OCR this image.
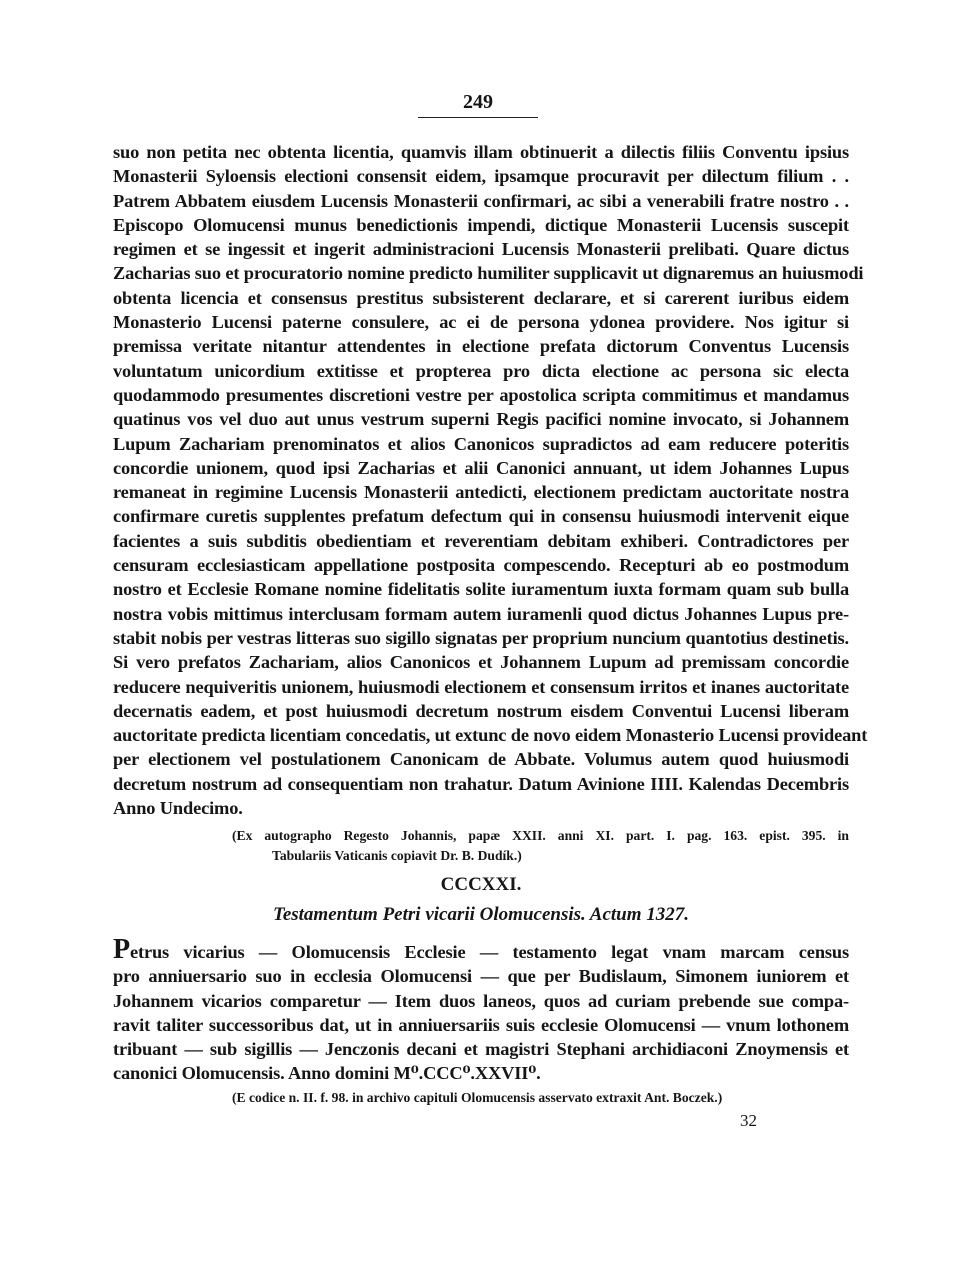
249
suo non petita nec obtenta licentia, quamvis illam obtinuerit a dilectis filiis Conventu ipsius
Monasterii Syloensis electioni consensit eidem, ipsamque procuravit per dilectum filium . .
Patrem Abbatem eiusdem Lucensis Monasterii confirmari, ac sibi a venerabili fratre nostro . .
Episcopo Olomucensi munus benedictionis impendi, dictique Monasterii Lucensis suscepit
regimen et se ingessit et ingerit administracioni Lucensis Monasterii prelibati. Quare dictus
Zacharias suo et procuratorio nomine predicto humiliter supplicavit ut dignaremus an huiusmodi
obtenta licencia et consensus prestitus subsisterent declarare, et si carerent iuribus eidem
Monasterio Lucensi paterne consulere, ac ei de persona ydonea providere. Nos igitur si
premissa veritate nitantur attendentes in electione prefata dictorum Conventus Lucensis
voluntatum unicordium extitisse et propterea pro dicta electione ac persona sic electa
quodammodo presumentes discretioni vestre per apostolica scripta commitimus et mandamus
quatinus vos vel duo aut unus vestrum superni Regis pacifici nomine invocato, si Johannem
Lupum Zachariam prenominatos et alios Canonicos supradictos ad eam reducere poteritis
concordie unionem, quod ipsi Zacharias et alii Canonici annuant, ut idem Johannes Lupus
remaneat in regimine Lucensis Monasterii antedicti, electionem predictam auctoritate nostra
confirmare curetis supplentes prefatum defectum qui in consensu huiusmodi intervenit eique
facientes a suis subditis obedientiam et reverentiam debitam exhiberi. Contradictores per
censuram ecclesiasticam appellatione postposita compescendo. Recepturi ab eo postmodum
nostro et Ecclesie Romane nomine fidelitatis solite iuramentum iuxta formam quam sub bulla
nostra vobis mittimus interclusam formam autem iuramenli quod dictus Johannes Lupus pre-
stabit nobis per vestras litteras suo sigillo signatas per proprium nuncium quantotius destinetis.
Si vero prefatos Zachariam, alios Canonicos et Johannem Lupum ad premissam concordie
reducere nequiveritis unionem, huiusmodi electionem et consensum irritos et inanes auctoritate
decernatis eadem, et post huiusmodi decretum nostrum eisdem Conventui Lucensi liberam
auctoritate predicta licentiam concedatis, ut extunc de novo eidem Monasterio Lucensi provideant
per electionem vel postulationem Canonicam de Abbate. Volumus autem quod huiusmodi
decretum nostrum ad consequentiam non trahatur. Datum Avinione IIII. Kalendas Decembris
Anno Undecimo.
(Ex autographo Regesto Johannis, papæ XXII. anni XI. part. I. pag. 163. epist. 395. in
Tabulariis Vaticanis copiavit Dr. B. Dudík.)
CCCXXI.
Testamentum Petri vicarii Olomucensis. Actum 1327.
Petrus vicarius — Olomucensis Ecclesie — testamento legat vnam marcam census
pro anniuersario suo in ecclesia Olomucensi — que per Budislaum, Simonem iuniorem et
Johannem vicarios comparetur — Item duos laneos, quos ad curiam prebende sue compa-
ravit taliter successoribus dat, ut in anniuersariis suis ecclesie Olomucensi — vnum lothonem
tribuant — sub sigillis — Jenczonis decani et magistri Stephani archidiaconi Znoymensis et
canonici Olomucensis. Anno domini M⁰.CCC⁰.XXVII⁰.
(E codice n. II. f. 98. in archivo capituli Olomucensis asservato extraxit Ant. Boczek.)
32
